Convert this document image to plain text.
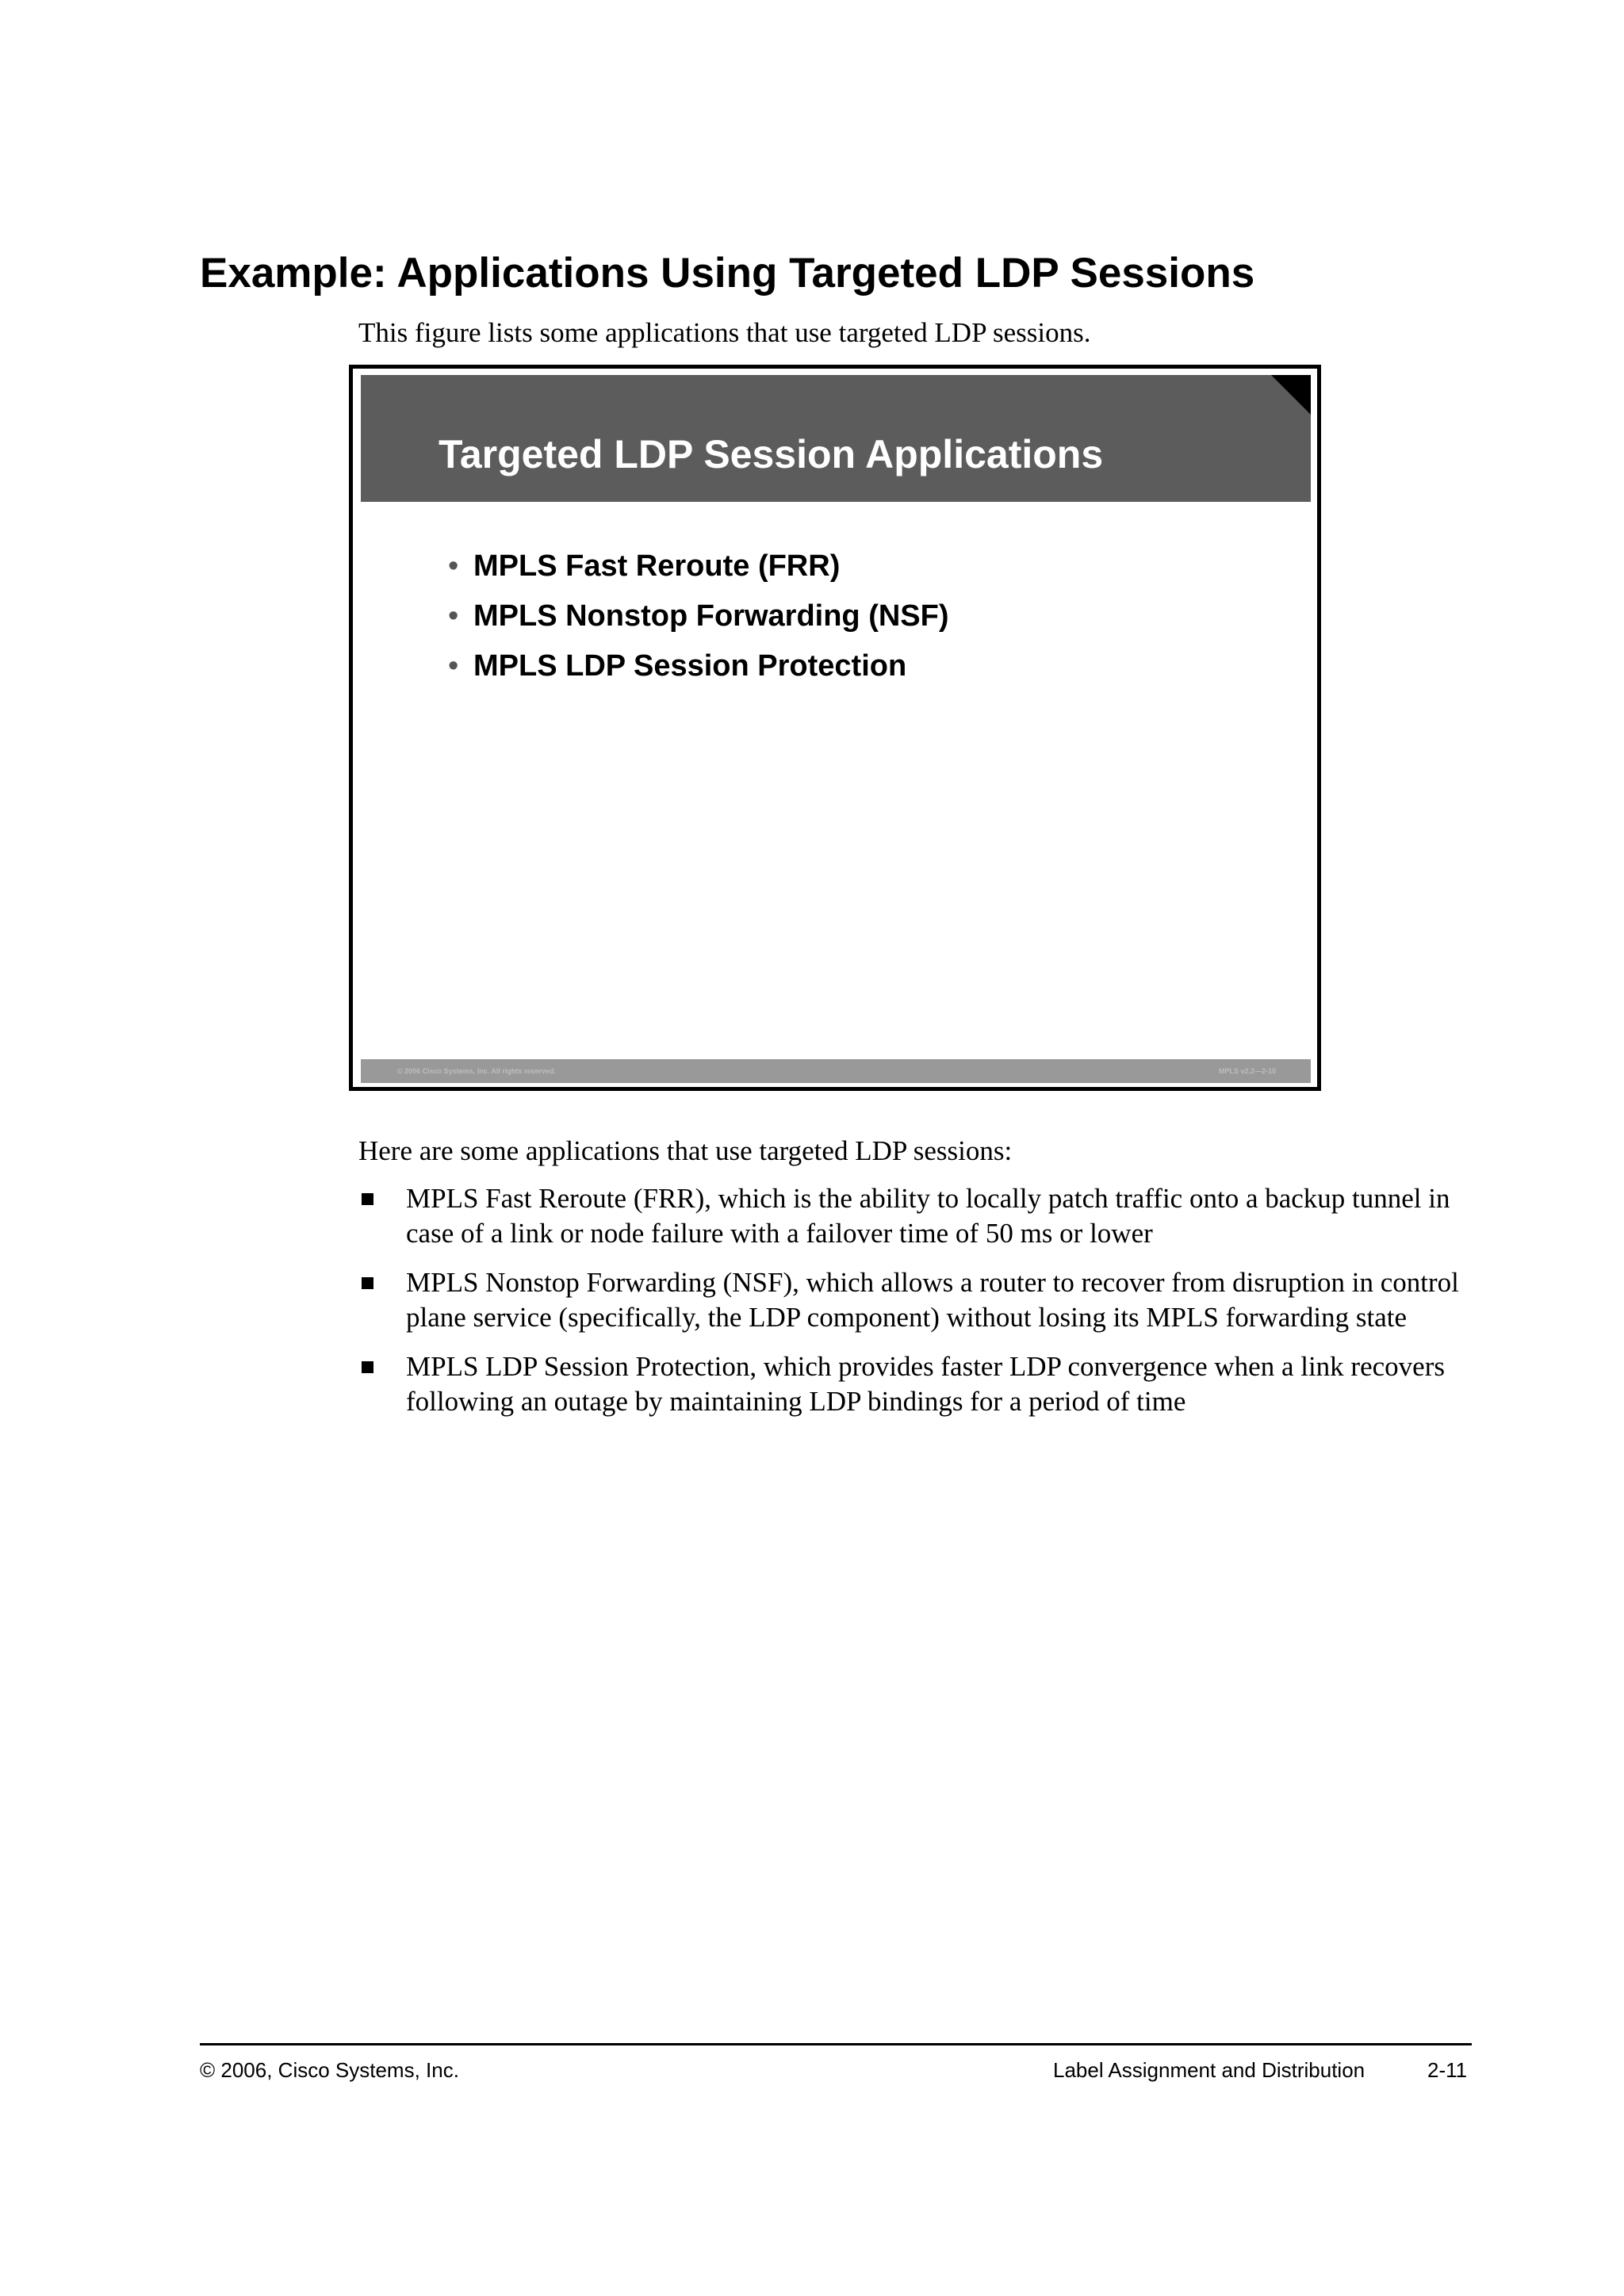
Example: Applications Using Targeted LDP Sessions

This figure lists some applications that use targeted LDP sessions.

Targeted LDP Session Applications
• MPLS Fast Reroute (FRR)
• MPLS Nonstop Forwarding (NSF)
• MPLS LDP Session Protection
© 2006 Cisco Systems, Inc. All rights reserved.	MPLS v2.2—2-10

Here are some applications that use targeted LDP sessions:

MPLS Fast Reroute (FRR), which is the ability to locally patch traffic onto a backup tunnel in case of a link or node failure with a failover time of 50 ms or lower
MPLS Nonstop Forwarding (NSF), which allows a router to recover from disruption in control plane service (specifically, the LDP component) without losing its MPLS forwarding state
MPLS LDP Session Protection, which provides faster LDP convergence when a link recovers following an outage by maintaining LDP bindings for a period of time

© 2006, Cisco Systems, Inc.	Label Assignment and Distribution	2-11
